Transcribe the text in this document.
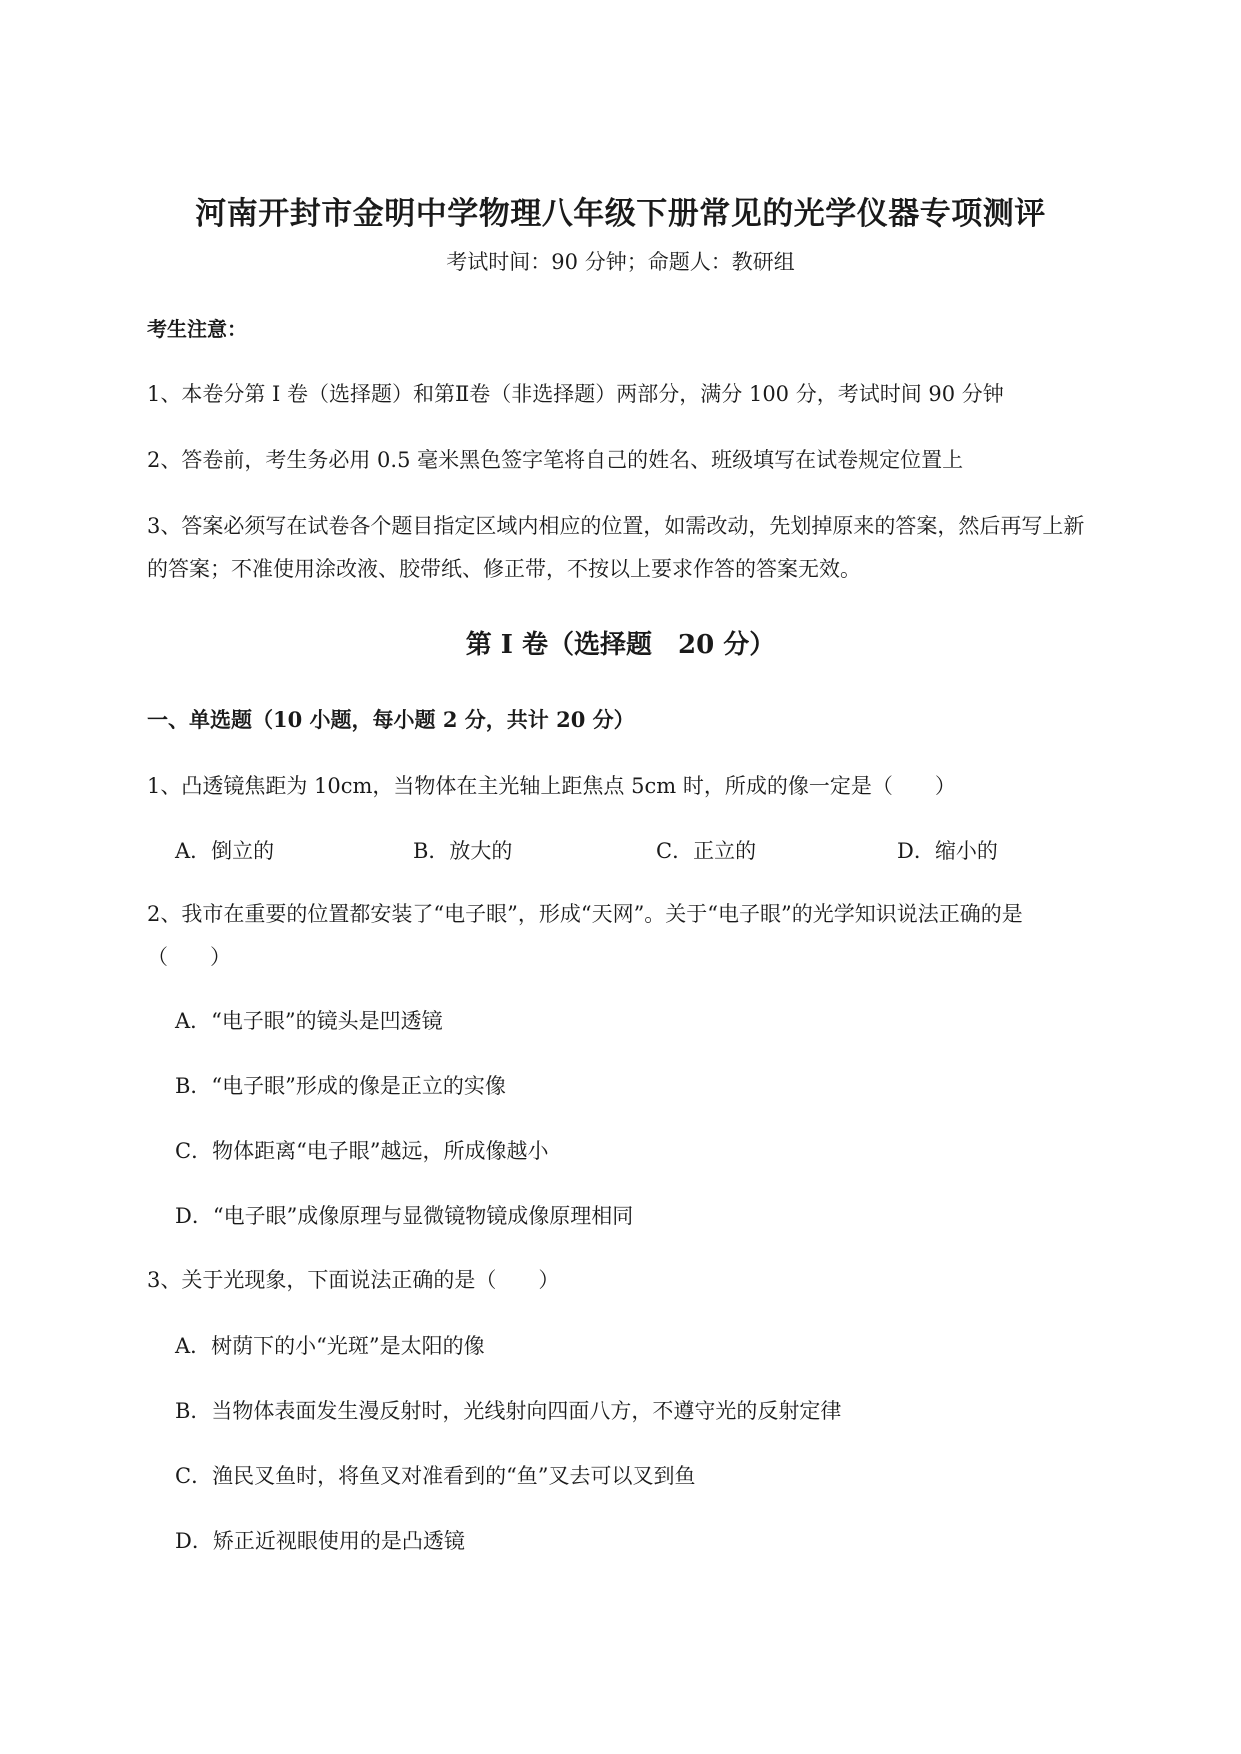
河南开封市金明中学物理八年级下册常见的光学仪器专项测评
考试时间：90 分钟；命题人：教研组
考生注意：
1、本卷分第 I 卷（选择题）和第Ⅱ卷（非选择题）两部分，满分 100 分，考试时间 90 分钟
2、答卷前，考生务必用 0.5 毫米黑色签字笔将自己的姓名、班级填写在试卷规定位置上
3、答案必须写在试卷各个题目指定区域内相应的位置，如需改动，先划掉原来的答案，然后再写上新
的答案；不准使用涂改液、胶带纸、修正带，不按以上要求作答的答案无效。
第 I 卷（选择题　20 分）
一、单选题（10 小题，每小题 2 分，共计 20 分）
1、凸透镜焦距为 10cm，当物体在主光轴上距焦点 5cm 时，所成的像一定是（　　）
A．倒立的	B．放大的	C．正立的	D．缩小的
2、我市在重要的位置都安装了“电子眼”，形成“天网”。关于“电子眼”的光学知识说法正确的是
（　　）
A．“电子眼”的镜头是凹透镜
B．“电子眼”形成的像是正立的实像
C．物体距离“电子眼”越远，所成像越小
D．“电子眼”成像原理与显微镜物镜成像原理相同
3、关于光现象，下面说法正确的是（　　）
A．树荫下的小“光斑”是太阳的像
B．当物体表面发生漫反射时，光线射向四面八方，不遵守光的反射定律
C．渔民叉鱼时，将鱼叉对准看到的“鱼”叉去可以叉到鱼
D．矫正近视眼使用的是凸透镜
